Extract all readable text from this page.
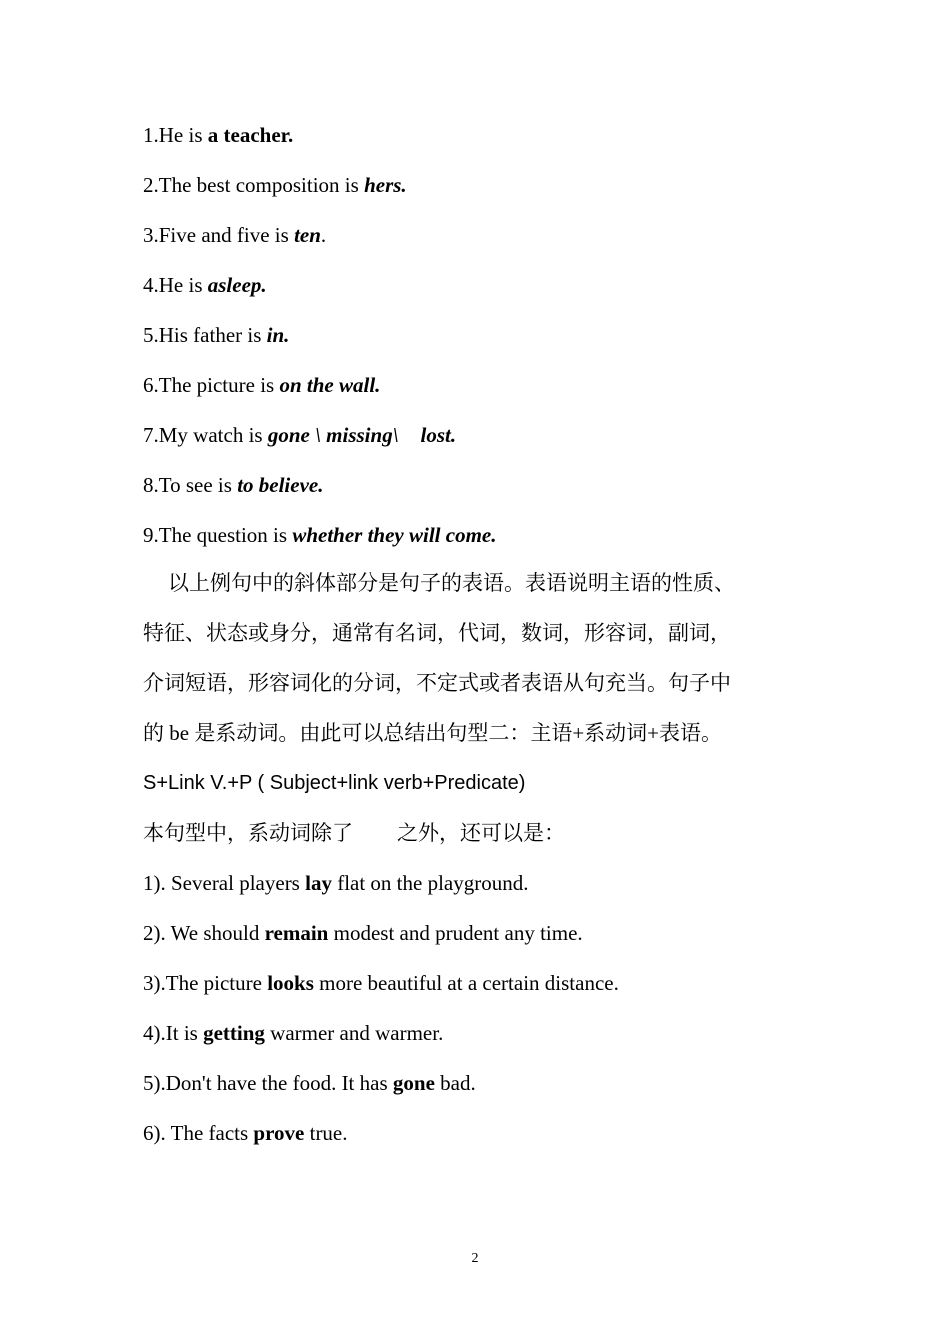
1.He is a teacher.
2.The best composition is hers.
3.Five and five is ten.
4.He is asleep.
5.His father is in.
6.The picture is on the wall.
7.My watch is gone \ missing\ lost.
8.To see is to believe.
9.The question is whether they will come.
以上例句中的斜体部分是句子的表语。表语说明主语的性质、
特征、状态或身分，通常有名词，代词，数词，形容词，副词，
介词短语，形容词化的分词，不定式或者表语从句充当。句子中
的 be 是系动词。由此可以总结出句型二：主语+系动词+表语。
S+Link V.+P ( Subject+link verb+Predicate)
本句型中，系动词除了 之外，还可以是：
1). Several players lay flat on the playground.
2). We should remain modest and prudent any time.
3).The picture looks more beautiful at a certain distance.
4).It is getting warmer and warmer.
5).Don't have the food. It has gone bad.
6). The facts prove true.
2
